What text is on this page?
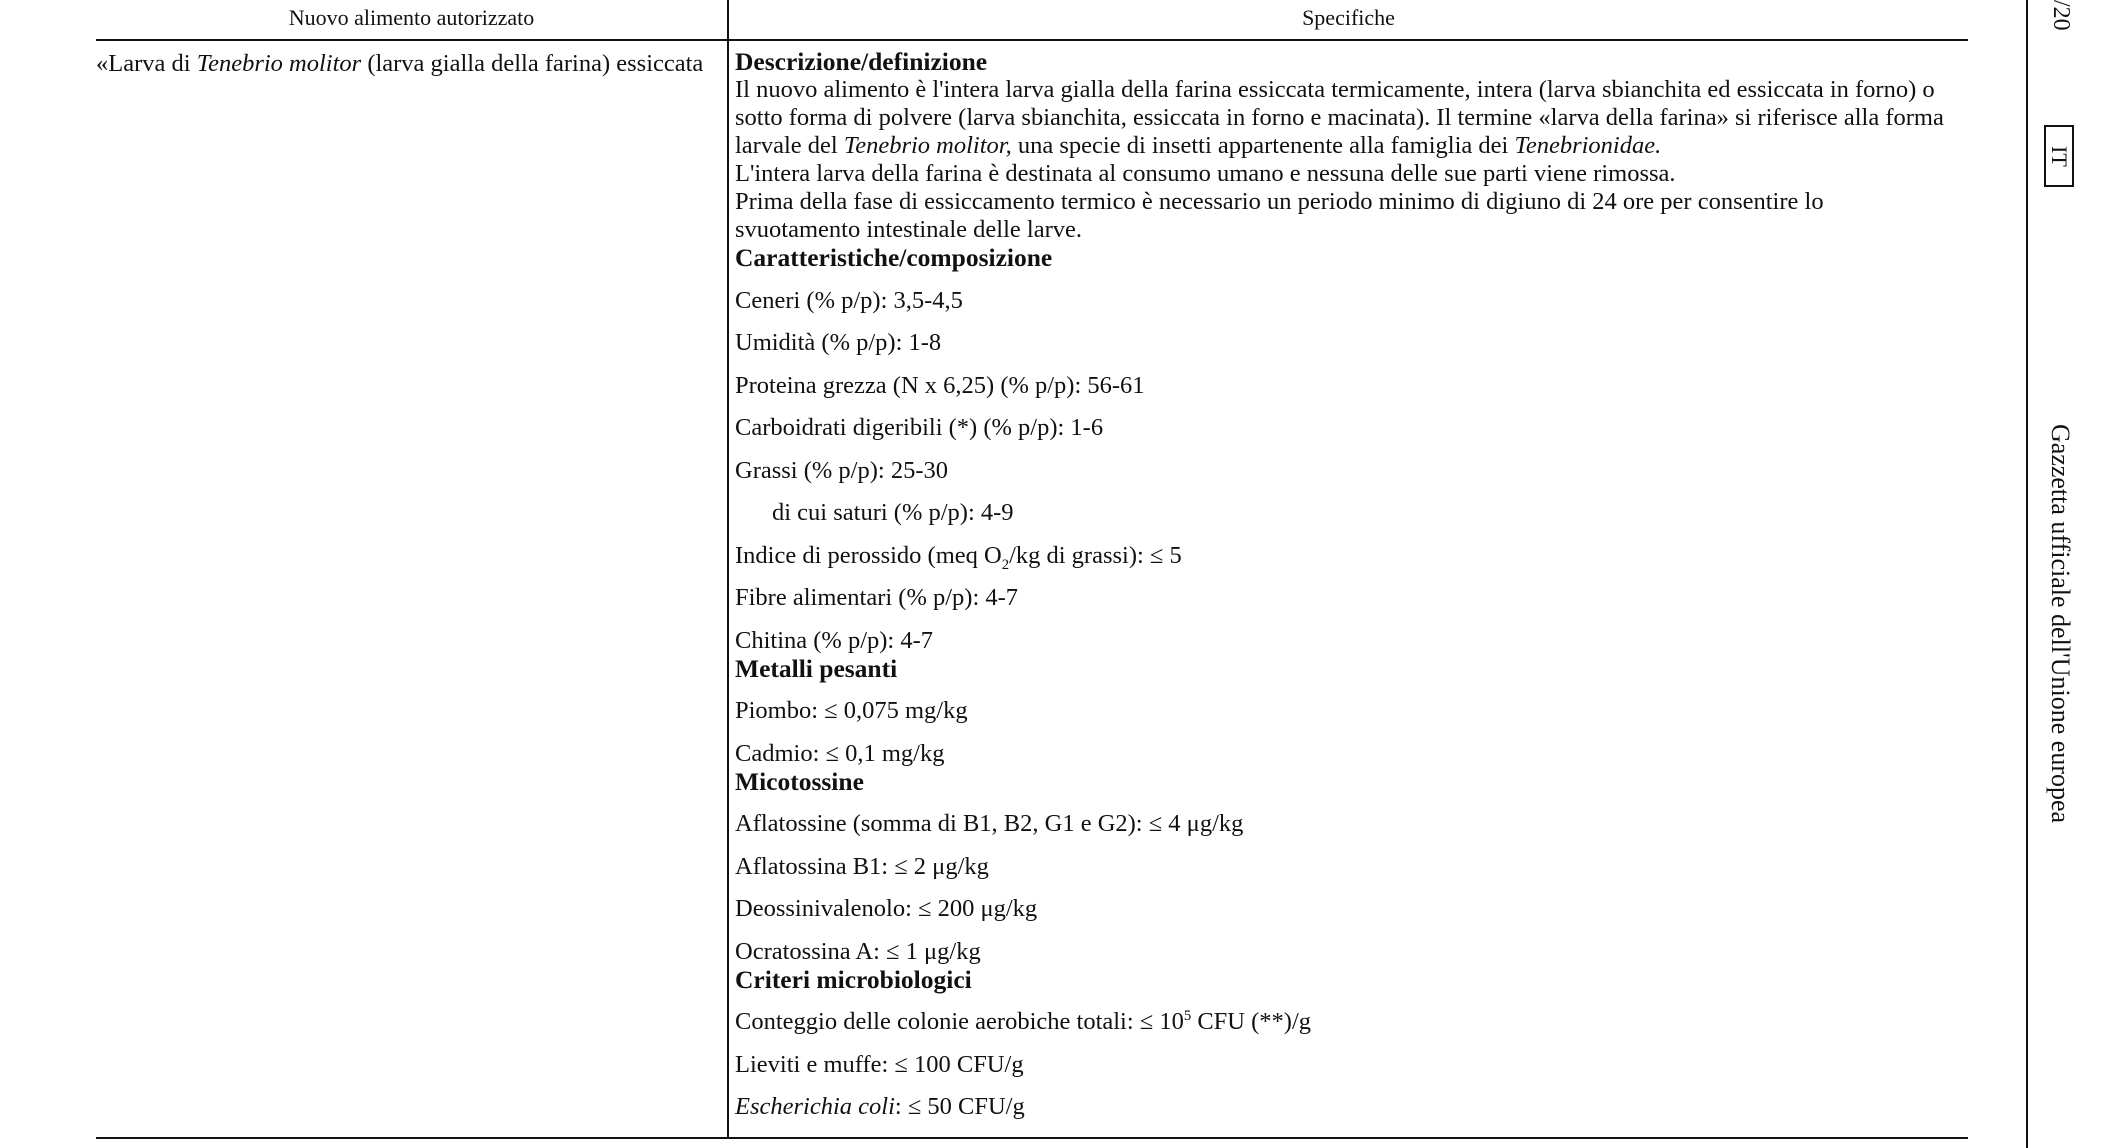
Nuovo alimento autorizzato	Specifiche
«Larva di Tenebrio molitor (larva gialla della farina) essiccata	Descrizione/definizione
Il nuovo alimento è l'intera larva gialla della farina essiccata termicamente, intera (larva sbianchita ed essiccata in forno) o
sotto forma di polvere (larva sbianchita, essiccata in forno e macinata). Il termine «larva della farina» si riferisce alla forma
larvale del Tenebrio molitor, una specie di insetti appartenente alla famiglia dei Tenebrionidae.
L'intera larva della farina è destinata al consumo umano e nessuna delle sue parti viene rimossa.
Prima della fase di essiccamento termico è necessario un periodo minimo di digiuno di 24 ore per consentire lo
svuotamento intestinale delle larve.
Caratteristiche/composizione
Ceneri (% p/p): 3,5-4,5
Umidità (% p/p): 1-8
Proteina grezza (N x 6,25) (% p/p): 56-61
Carboidrati digeribili (*) (% p/p): 1-6
Grassi (% p/p): 25-30
di cui saturi (% p/p): 4-9
Indice di perossido (meq $O_2/kg$ di grassi): ≤ 5
Fibre alimentari (% p/p): 4-7
Chitina (% p/p): 4-7
Metalli pesanti
Piombo: ≤ 0,075 mg/kg
Cadmio: ≤ 0,1 mg/kg
Micotossine
Aflatossine (somma di B1, B2, G1 e G2): ≤ 4 μg/kg
Aflatossina B1: ≤ 2 μg/kg
Deossinivalenolo: ≤ 200 μg/kg
Ocratossina A: ≤ 1 μg/kg
Criteri microbiologici
Conteggio delle colonie aerobiche totali: ≤ $10^5$ CFU (**)/g
Lieviti e muffe: ≤ 100 CFU/g
Escherichia coli: ≤ 50 CFU/g
/20
IT
Gazzetta ufficiale dell'Unione europea
